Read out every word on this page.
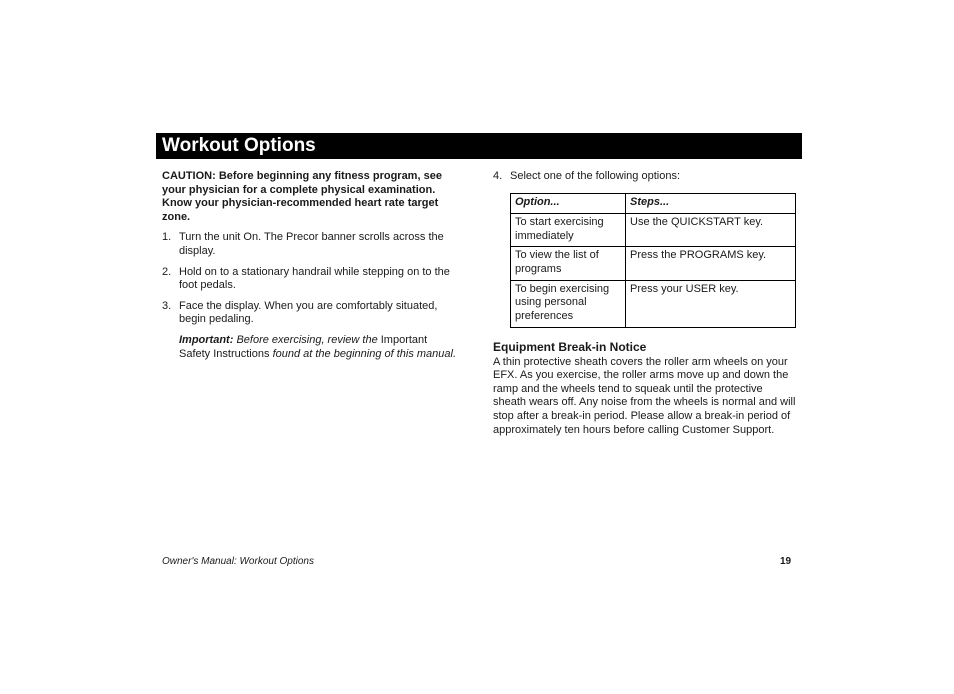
Workout Options

CAUTION: Before beginning any fitness program, see your physician for a complete physical examination. Know your physician-recommended heart rate target zone.

1. Turn the unit On. The Precor banner scrolls across the display.
2. Hold on to a stationary handrail while stepping on to the foot pedals.
3. Face the display. When you are comfortably situated, begin pedaling.
Important: Before exercising, review the Important Safety Instructions found at the beginning of this manual.

4. Select one of the following options:

Option...	Steps...
To start exercising immediately	Use the QUICKSTART key.
To view the list of programs	Press the PROGRAMS key.
To begin exercising using personal preferences	Press your USER key.
Equipment Break-in Notice

A thin protective sheath covers the roller arm wheels on your EFX. As you exercise, the roller arms move up and down the ramp and the wheels tend to squeak until the protective sheath wears off. Any noise from the wheels is normal and will stop after a break-in period. Please allow a break-in period of approximately ten hours before calling Customer Support.

Owner's Manual: Workout Options	19
